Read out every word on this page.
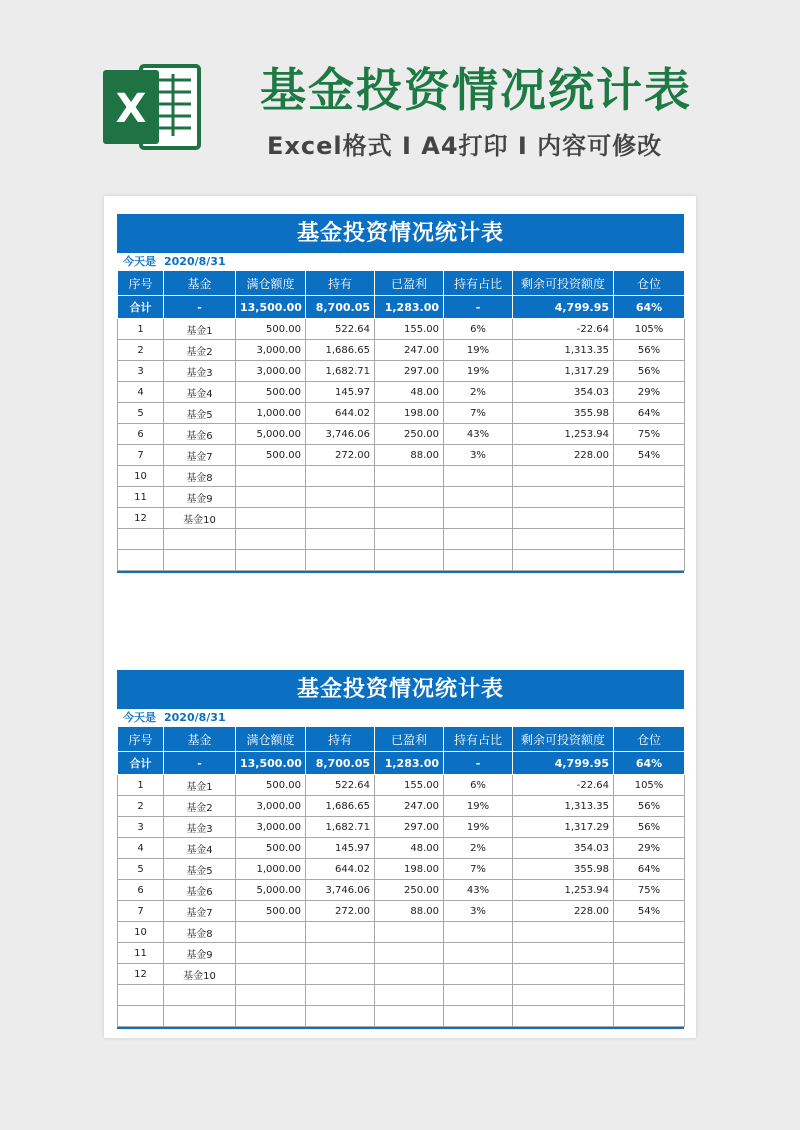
X 基金投资情况统计表
Excel格式 Ⅰ A4打印 Ⅰ 内容可修改
基金投资情况统计表
今天是 2020/8/31
序号	基金	满仓额度	持有	已盈利	持有占比	剩余可投资额度	仓位
合计	-	13,500.00	8,700.05	1,283.00	-	4,799.95	64%
1	基金1	500.00	522.64	155.00	6%	-22.64	105%
2	基金2	3,000.00	1,686.65	247.00	19%	1,313.35	56%
3	基金3	3,000.00	1,682.71	297.00	19%	1,317.29	56%
4	基金4	500.00	145.97	48.00	2%	354.03	29%
5	基金5	1,000.00	644.02	198.00	7%	355.98	64%
6	基金6	5,000.00	3,746.06	250.00	43%	1,253.94	75%
7	基金7	500.00	272.00	88.00	3%	228.00	54%
10	基金8						
11	基金9						
12	基金10						

基金投资情况统计表
今天是 2020/8/31
序号	基金	满仓额度	持有	已盈利	持有占比	剩余可投资额度	仓位
合计	-	13,500.00	8,700.05	1,283.00	-	4,799.95	64%
1	基金1	500.00	522.64	155.00	6%	-22.64	105%
2	基金2	3,000.00	1,686.65	247.00	19%	1,313.35	56%
3	基金3	3,000.00	1,682.71	297.00	19%	1,317.29	56%
4	基金4	500.00	145.97	48.00	2%	354.03	29%
5	基金5	1,000.00	644.02	198.00	7%	355.98	64%
6	基金6	5,000.00	3,746.06	250.00	43%	1,253.94	75%
7	基金7	500.00	272.00	88.00	3%	228.00	54%
10	基金8						
11	基金9						
12	基金10						
